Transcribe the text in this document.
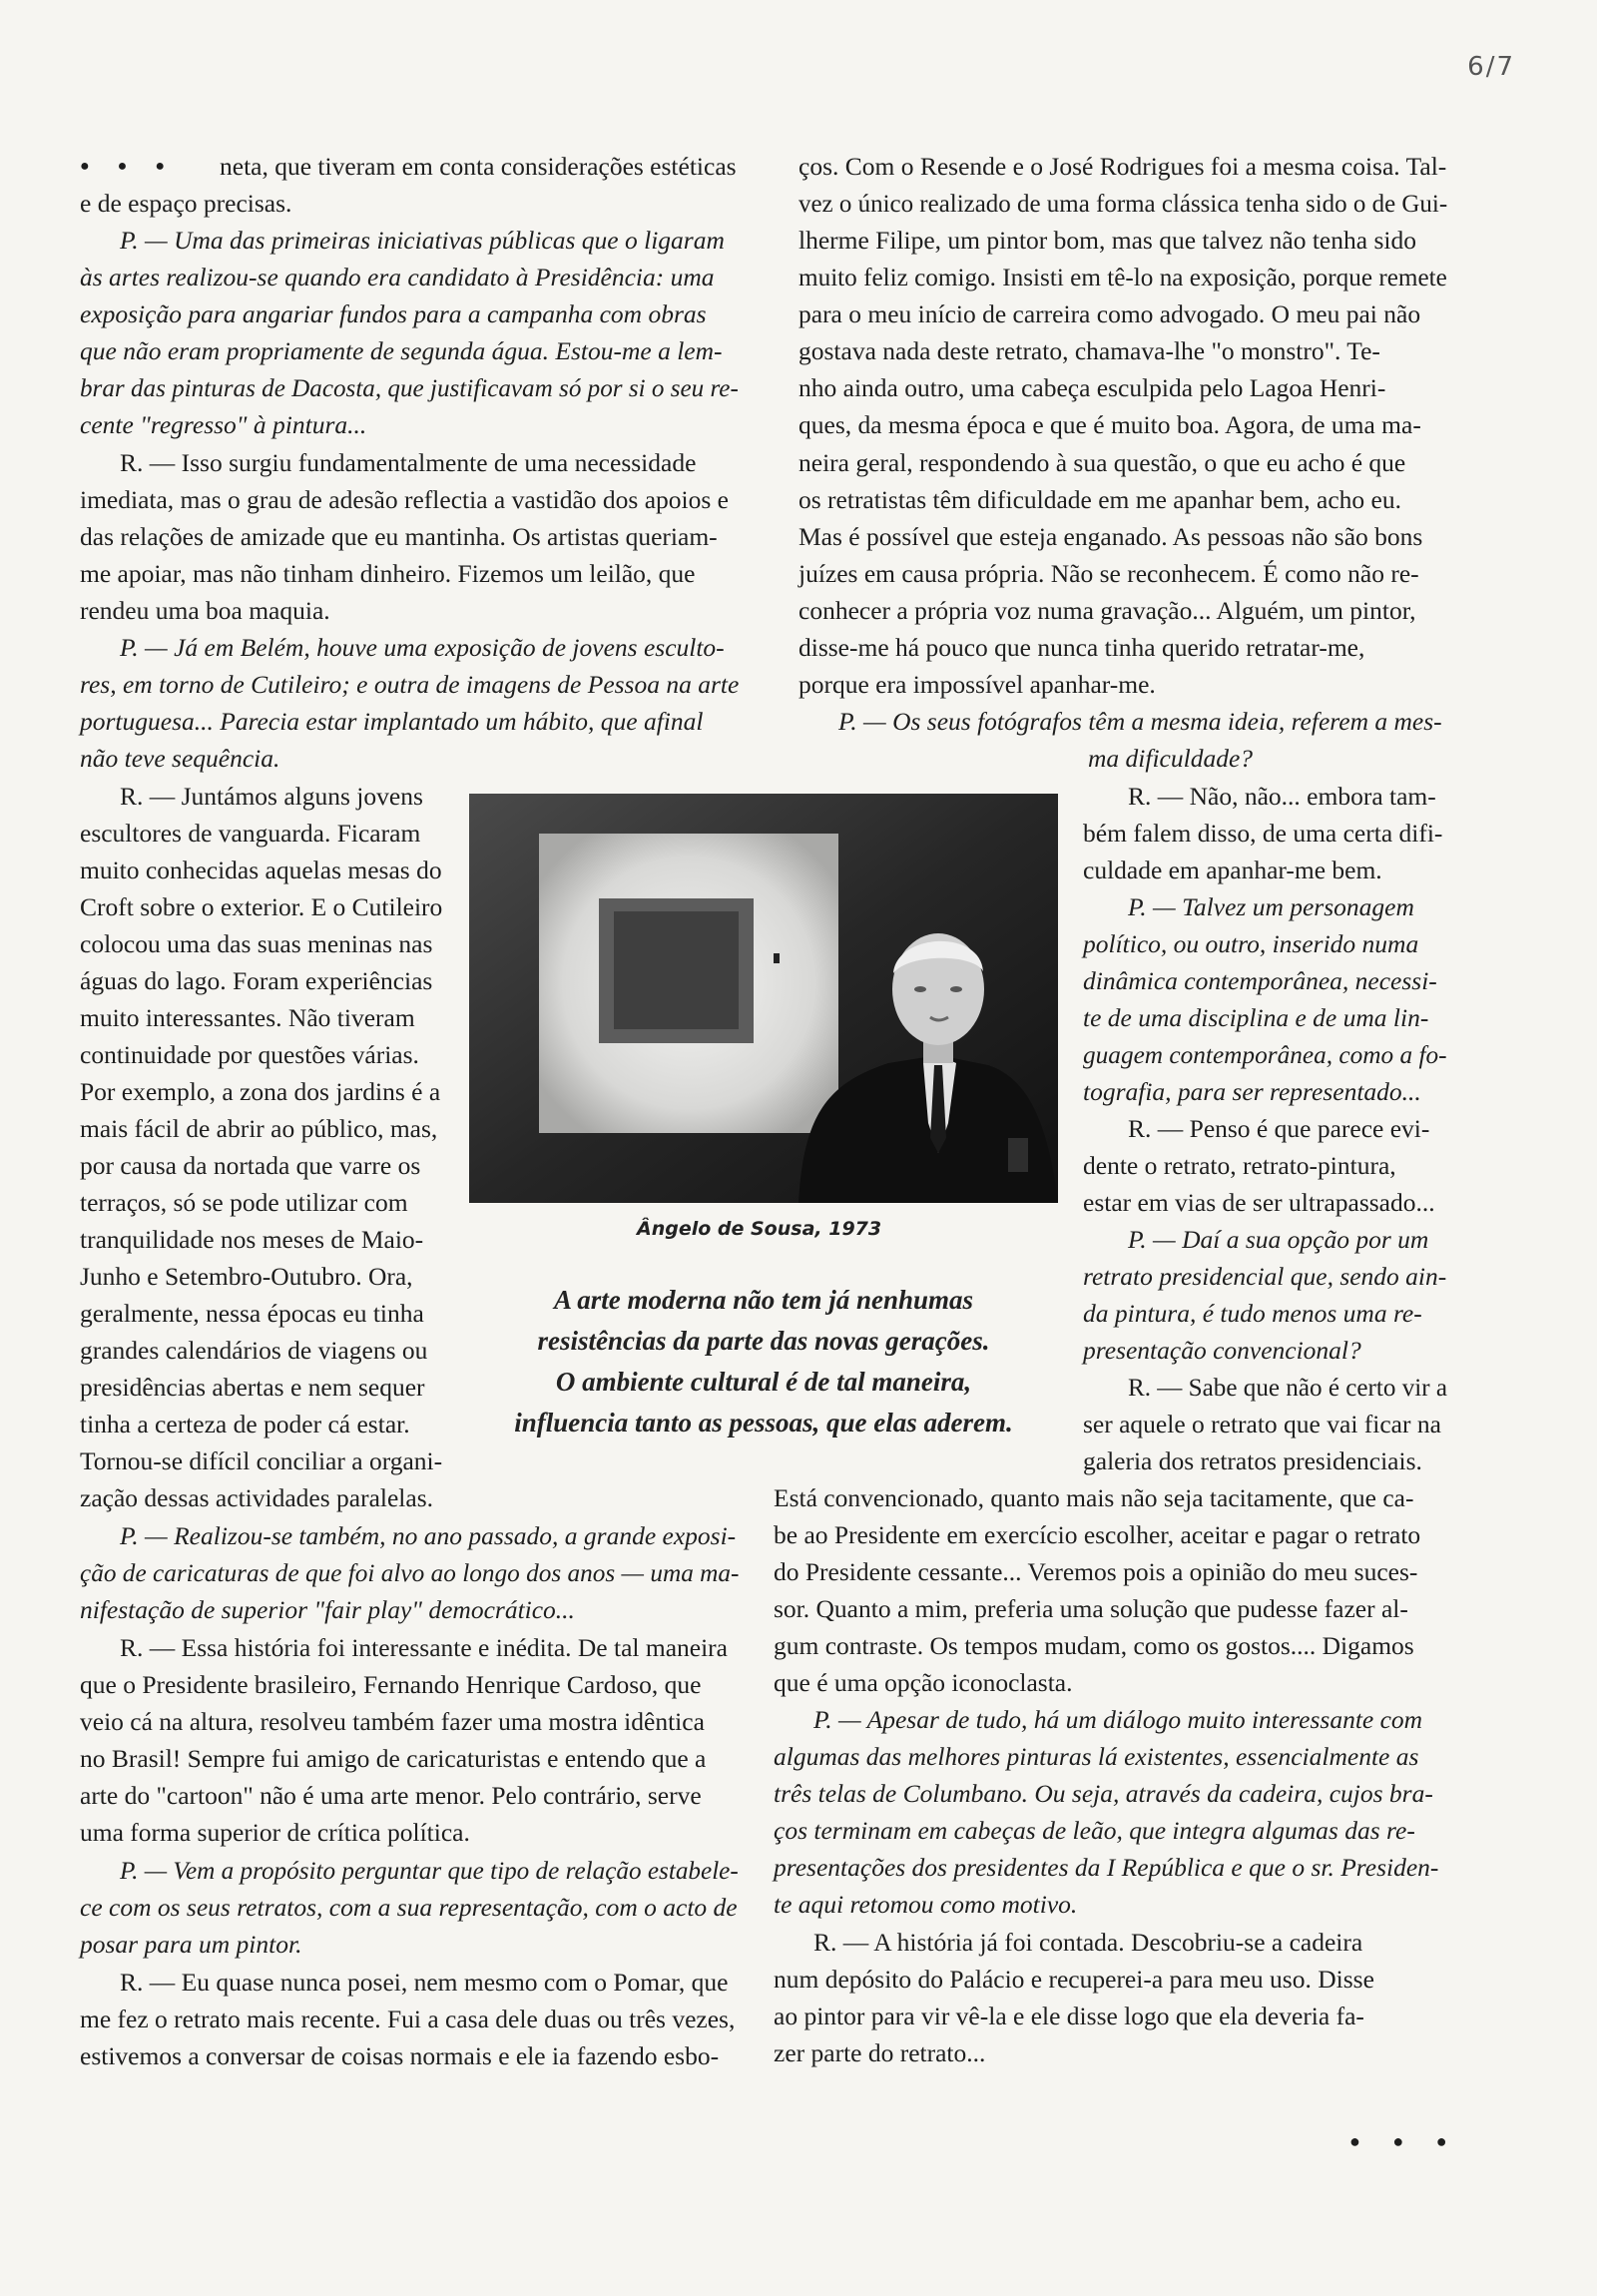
6/7
neta, que tiveram em conta considerações estéticas
e de espaço precisas.
P. — Uma das primeiras iniciativas públicas que o ligaram
às artes realizou-se quando era candidato à Presidência: uma
exposição para angariar fundos para a campanha com obras
que não eram propriamente de segunda água. Estou-me a lem-
brar das pinturas de Dacosta, que justificavam só por si o seu re-
cente "regresso" à pintura...
R. — Isso surgiu fundamentalmente de uma necessidade
imediata, mas o grau de adesão reflectia a vastidão dos apoios e
das relações de amizade que eu mantinha. Os artistas queriam-
me apoiar, mas não tinham dinheiro. Fizemos um leilão, que
rendeu uma boa maquia.
P. — Já em Belém, houve uma exposição de jovens esculto-
res, em torno de Cutileiro; e outra de imagens de Pessoa na arte
portuguesa... Parecia estar implantado um hábito, que afinal
não teve sequência.
R. — Juntámos alguns jovens
escultores de vanguarda. Ficaram
muito conhecidas aquelas mesas do
Croft sobre o exterior. E o Cutileiro
colocou uma das suas meninas nas
águas do lago. Foram experiências
muito interessantes. Não tiveram
continuidade por questões várias.
Por exemplo, a zona dos jardins é a
mais fácil de abrir ao público, mas,
por causa da nortada que varre os
terraços, só se pode utilizar com
tranquilidade nos meses de Maio-
Junho e Setembro-Outubro. Ora,
geralmente, nessa épocas eu tinha
grandes calendários de viagens ou
presidências abertas e nem sequer
tinha a certeza de poder cá estar.
Tornou-se difícil conciliar a organi-
zação dessas actividades paralelas.
P. — Realizou-se também, no ano passado, a grande exposi-
ção de caricaturas de que foi alvo ao longo dos anos — uma ma-
nifestação de superior "fair play" democrático...
R. — Essa história foi interessante e inédita. De tal maneira
que o Presidente brasileiro, Fernando Henrique Cardoso, que
veio cá na altura, resolveu também fazer uma mostra idêntica
no Brasil! Sempre fui amigo de caricaturistas e entendo que a
arte do "cartoon" não é uma arte menor. Pelo contrário, serve
uma forma superior de crítica política.
P. — Vem a propósito perguntar que tipo de relação estabele-
ce com os seus retratos, com a sua representação, com o acto de
posar para um pintor.
R. — Eu quase nunca posei, nem mesmo com o Pomar, que
me fez o retrato mais recente. Fui a casa dele duas ou três vezes,
estivemos a conversar de coisas normais e ele ia fazendo esbo-
● ● ●	ços. Com o Resende e o José Rodrigues foi a mesma coisa. Tal-
vez o único realizado de uma forma clássica tenha sido o de Gui-
lherme Filipe, um pintor bom, mas que talvez não tenha sido
muito feliz comigo. Insisti em tê-lo na exposição, porque remete
para o meu início de carreira como advogado. O meu pai não
gostava nada deste retrato, chamava-lhe "o monstro". Te-
nho ainda outro, uma cabeça esculpida pelo Lagoa Henri-
ques, da mesma época e que é muito boa. Agora, de uma ma-
neira geral, respondendo à sua questão, o que eu acho é que
os retratistas têm dificuldade em me apanhar bem, acho eu.
Mas é possível que esteja enganado. As pessoas não são bons
juízes em causa própria. Não se reconhecem. É como não re-
conhecer a própria voz numa gravação... Alguém, um pintor,
disse-me há pouco que nunca tinha querido retratar-me,
porque era impossível apanhar-me.
P. — Os seus fotógrafos têm a mesma ideia, referem a mes-
ma dificuldade?
R. — Não, não... embora tam-
bém falem disso, de uma certa difi-
culdade em apanhar-me bem.
P. — Talvez um personagem
político, ou outro, inserido numa
dinâmica contemporânea, necessi-
te de uma disciplina e de uma lin-
guagem contemporânea, como a fo-
tografia, para ser representado...
R. — Penso é que parece evi-
dente o retrato, retrato-pintura,
estar em vias de ser ultrapassado...
P. — Daí a sua opção por um
retrato presidencial que, sendo ain-
da pintura, é tudo menos uma re-
presentação convencional?
R. — Sabe que não é certo vir a
ser aquele o retrato que vai ficar na
galeria dos retratos presidenciais.
Está convencionado, quanto mais não seja tacitamente, que ca-
be ao Presidente em exercício escolher, aceitar e pagar o retrato
do Presidente cessante... Veremos pois a opinião do meu suces-
sor. Quanto a mim, preferia uma solução que pudesse fazer al-
gum contraste. Os tempos mudam, como os gostos.... Digamos
que é uma opção iconoclasta.
P. — Apesar de tudo, há um diálogo muito interessante com
algumas das melhores pinturas lá existentes, essencialmente as
três telas de Columbano. Ou seja, através da cadeira, cujos bra-
ços terminam em cabeças de leão, que integra algumas das re-
presentações dos presidentes da I República e que o sr. Presiden-
te aqui retomou como motivo.
R. — A história já foi contada. Descobriu-se a cadeira
num depósito do Palácio e recuperei-a para meu uso. Disse
ao pintor para vir vê-la e ele disse logo que ela deveria fa-
zer parte do retrato...
Ângelo de Sousa, 1973
A arte moderna não tem já nenhumas
resistências da parte das novas gerações.
O ambiente cultural é de tal maneira,
influencia tanto as pessoas, que elas aderem.
● ● ●
